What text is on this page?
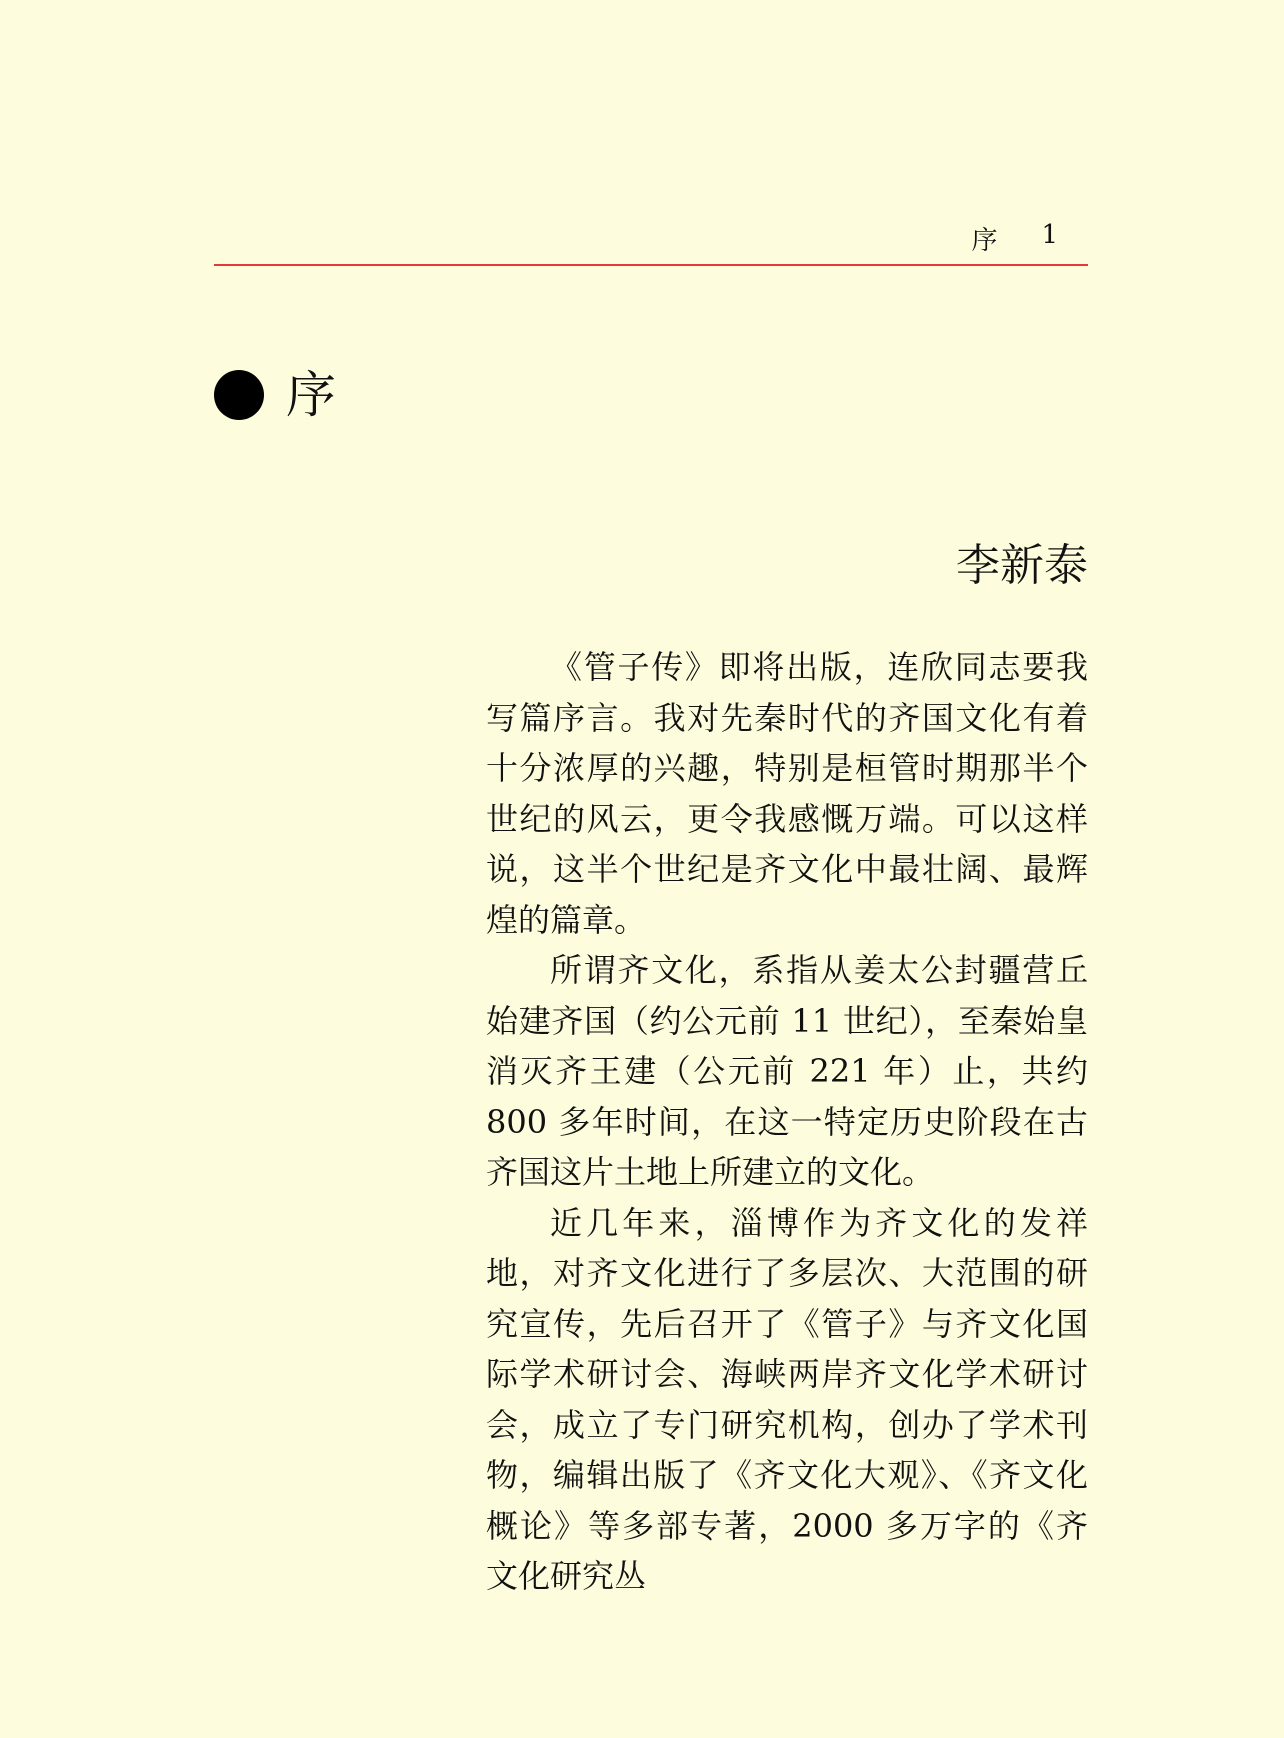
序 1
序
李新泰

《管子传》即将出版，连欣同志要我写篇序言。我对先秦时代的齐国文化有着十分浓厚的兴趣，特别是桓管时期那半个世纪的风云，更令我感慨万端。可以这样说，这半个世纪是齐文化中最壮阔、最辉煌的篇章。

所谓齐文化，系指从姜太公封疆营丘始建齐国（约公元前 11 世纪），至秦始皇消灭齐王建（公元前 221 年）止，共约 800 多年时间，在这一特定历史阶段在古齐国这片土地上所建立的文化。

近几年来，淄博作为齐文化的发祥地，对齐文化进行了多层次、大范围的研究宣传，先后召开了《管子》与齐文化国际学术研讨会、海峡两岸齐文化学术研讨会，成立了专门研究机构，创办了学术刊物，编辑出版了《齐文化大观》、《齐文化概论》等多部专著，2000 多万字的《齐文化研究丛
